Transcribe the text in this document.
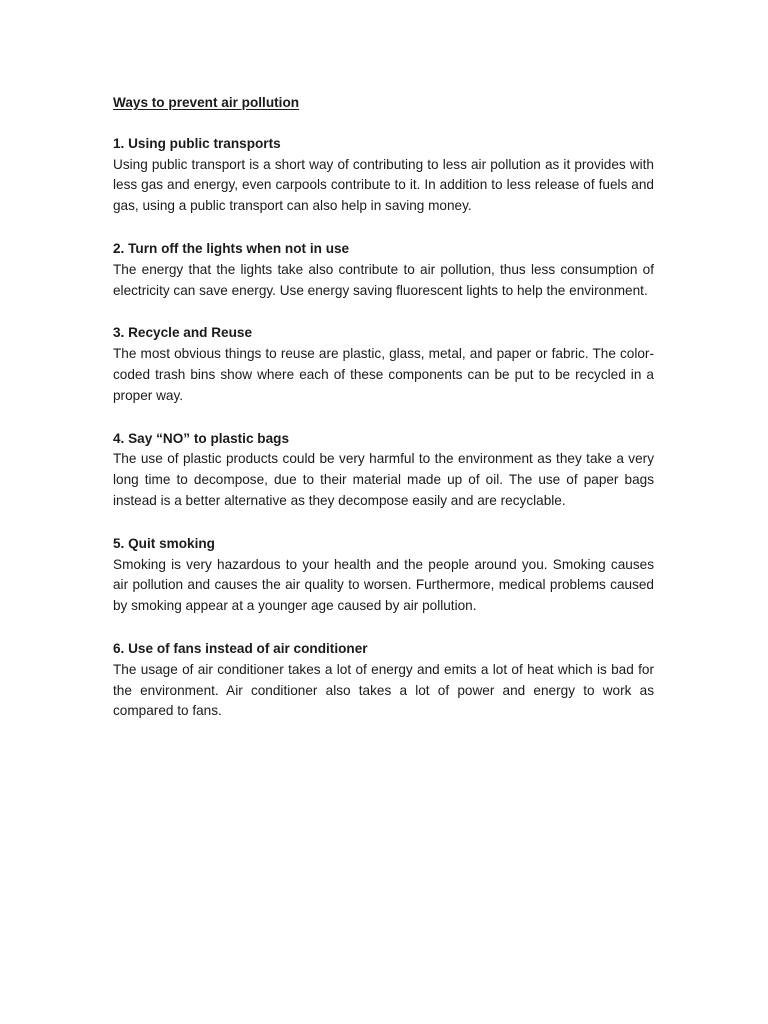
Ways to prevent air pollution
1. Using public transports
Using public transport is a short way of contributing to less air pollution as it provides with less gas and energy, even carpools contribute to it. In addition to less release of fuels and gas, using a public transport can also help in saving money.
2. Turn off the lights when not in use
The energy that the lights take also contribute to air pollution, thus less consumption of electricity can save energy. Use energy saving fluorescent lights to help the environment.
3. Recycle and Reuse
The most obvious things to reuse are plastic, glass, metal, and paper or fabric. The color-coded trash bins show where each of these components can be put to be recycled in a proper way.
4. Say “NO” to plastic bags
The use of plastic products could be very harmful to the environment as they take a very long time to decompose, due to their material made up of oil. The use of paper bags instead is a better alternative as they decompose easily and are recyclable.
5. Quit smoking
Smoking is very hazardous to your health and the people around you. Smoking causes air pollution and causes the air quality to worsen. Furthermore, medical problems caused by smoking appear at a younger age caused by air pollution.
6. Use of fans instead of air conditioner
The usage of air conditioner takes a lot of energy and emits a lot of heat which is bad for the environment. Air conditioner also takes a lot of power and energy to work as compared to fans.
